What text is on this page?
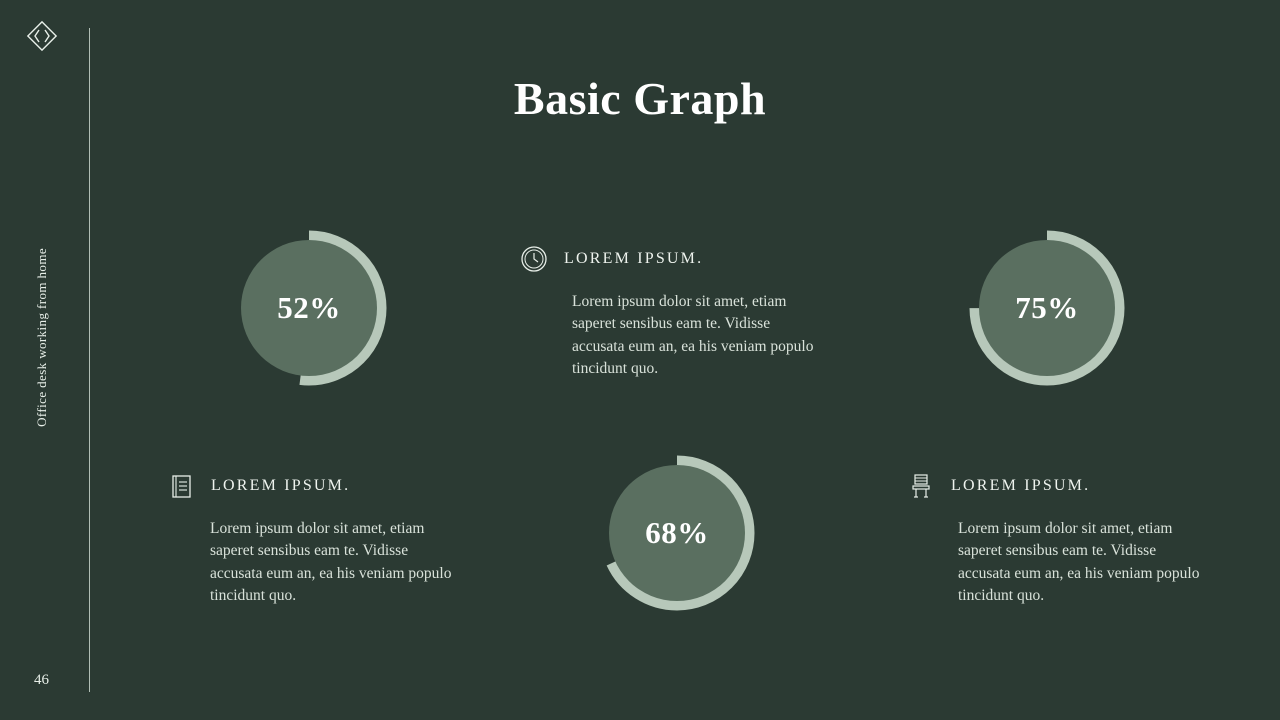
Office desk working from home
46
Basic Graph
52%	75%
68%
LOREM IPSUM.
Lorem ipsum dolor sit amet, etiam saperet sensibus eam te. Vidisse accusata eum an, ea his veniam populo tincidunt quo.
LOREM IPSUM.
Lorem ipsum dolor sit amet, etiam saperet sensibus eam te. Vidisse accusata eum an, ea his veniam populo tincidunt quo.
LOREM IPSUM.
Lorem ipsum dolor sit amet, etiam saperet sensibus eam te. Vidisse accusata eum an, ea his veniam populo tincidunt quo.
